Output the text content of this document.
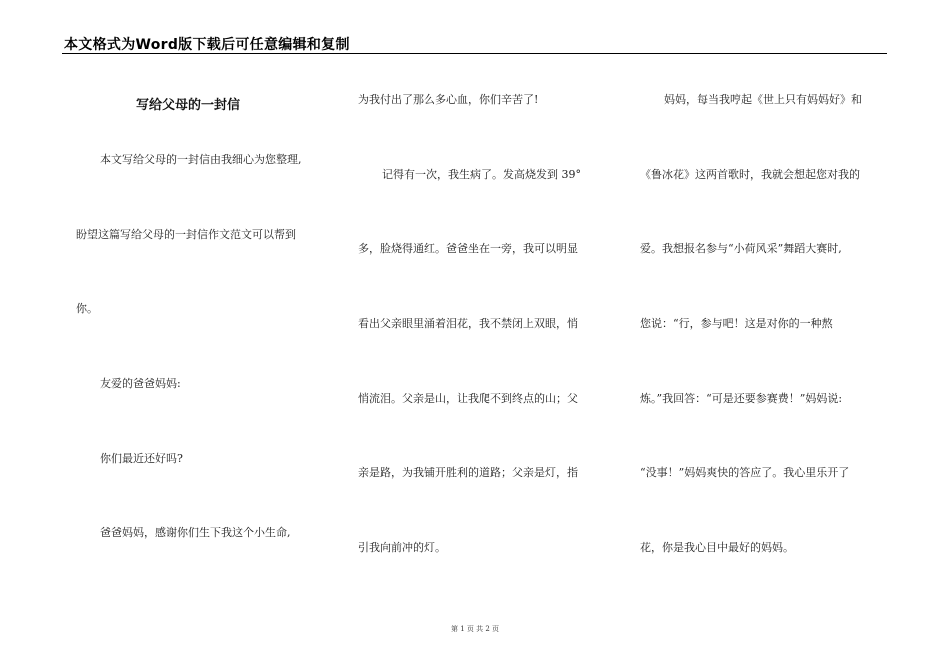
本文格式为Word版下载后可任意编辑和复制
写给父母的一封信
本文写给父母的一封信由我细心为您整理,
盼望这篇写给父母的一封信作文范文可以帮到
你。
友爱的爸爸妈妈:
你们最近还好吗?
爸爸妈妈，感谢你们生下我这个小生命,
为我付出了那么多心血，你们辛苦了!
记得有一次，我生病了。发高烧发到 39°
多，脸烧得通红。爸爸坐在一旁，我可以明显
看出父亲眼里涌着泪花，我不禁闭上双眼，悄
悄流泪。父亲是山，让我爬不到终点的山；父
亲是路，为我铺开胜利的道路；父亲是灯，指
引我向前冲的灯。
妈妈，每当我哼起《世上只有妈妈好》和
《鲁冰花》这两首歌时，我就会想起您对我的
爱。我想报名参与“小荷风采”舞蹈大赛时,
您说：“行，参与吧！这是对你的一种熬
炼。”我回答：“可是还要参赛费！”妈妈说:
“没事！”妈妈爽快的答应了。我心里乐开了
花，你是我心目中最好的妈妈。
第 1 页 共 2 页
